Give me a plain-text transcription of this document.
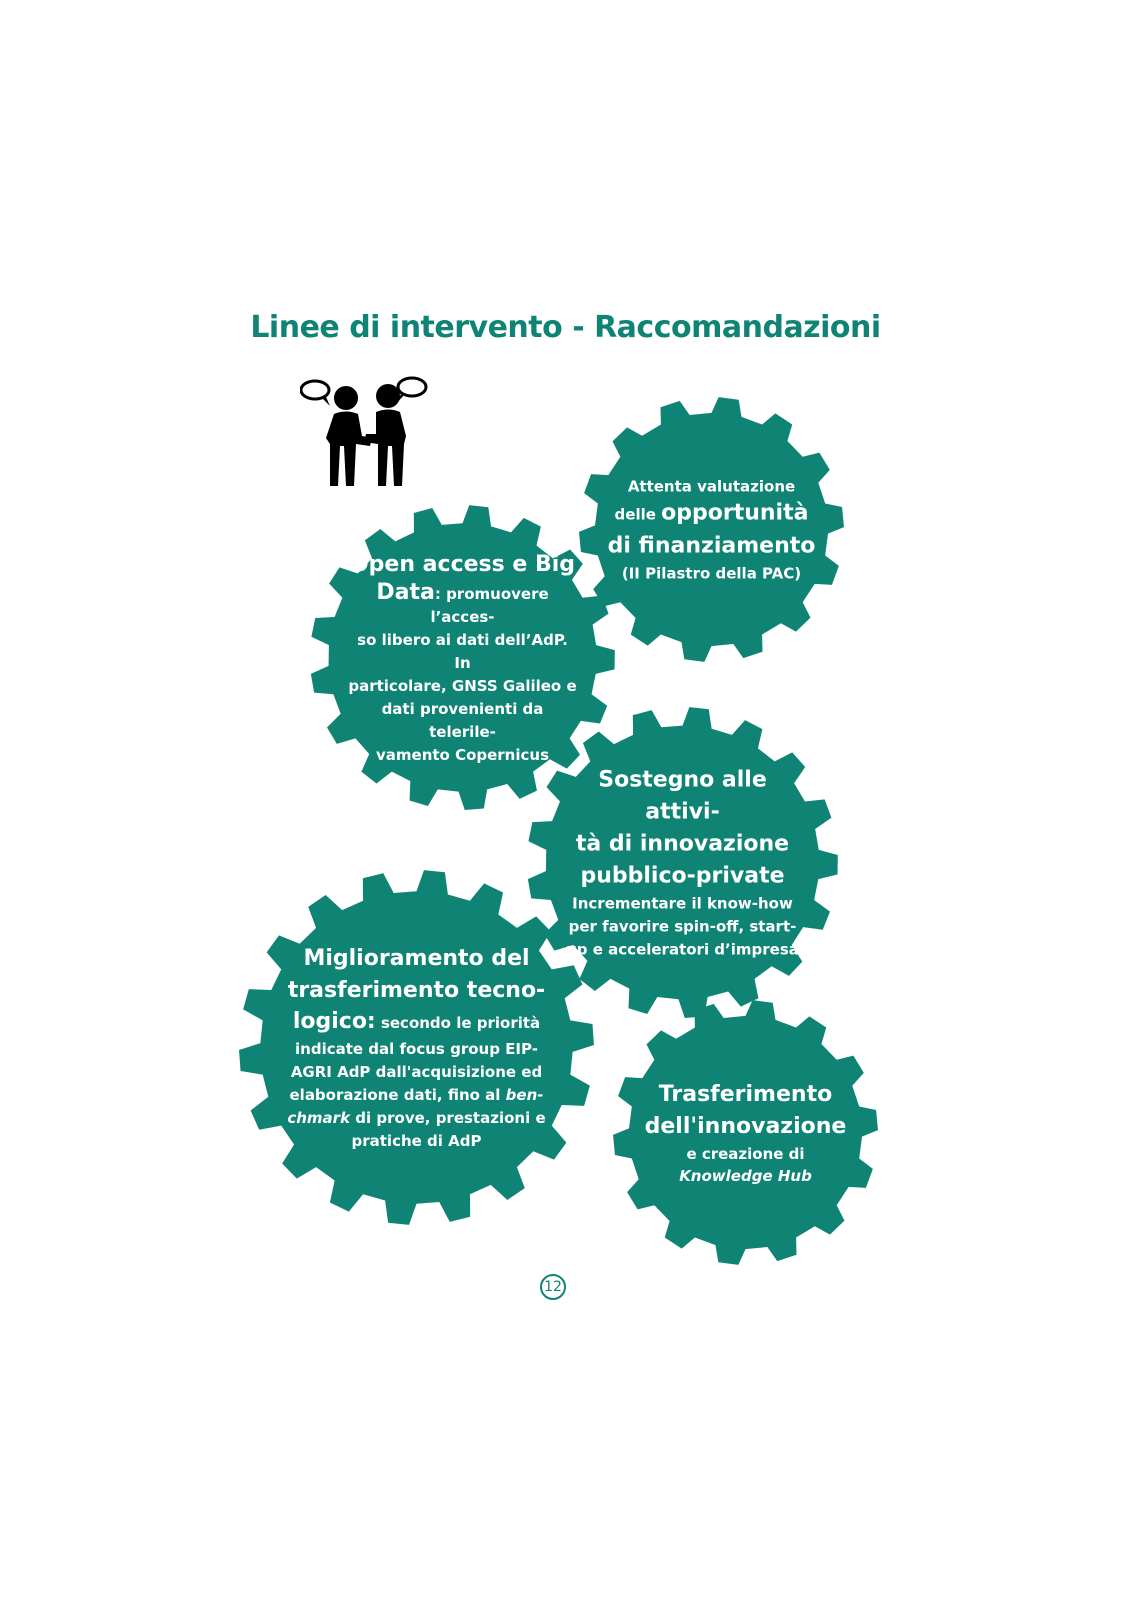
Linee di intervento - Raccomandazioni
Open access e Big
Data: promuovere l’acces-
so libero ai dati dell’AdP. In
particolare, GNSS Galileo e
dati provenienti da telerile-
vamento Copernicus
Attenta valutazione
delle opportunità
di finanziamento
(II Pilastro della PAC)
Sostegno alle attivi-
tà di innovazione
pubblico-private
Incrementare il know-how
per favorire spin-off, start-
up e acceleratori d’impresa
Miglioramento del
trasferimento tecno-
logico: secondo le priorità
indicate dal focus group EIP-
AGRI AdP dall'acquisizione ed
elaborazione dati, fino al ben-
chmark di prove, prestazioni e
pratiche di AdP
Trasferimento
dell'innovazione
e creazione di
Knowledge Hub
12
